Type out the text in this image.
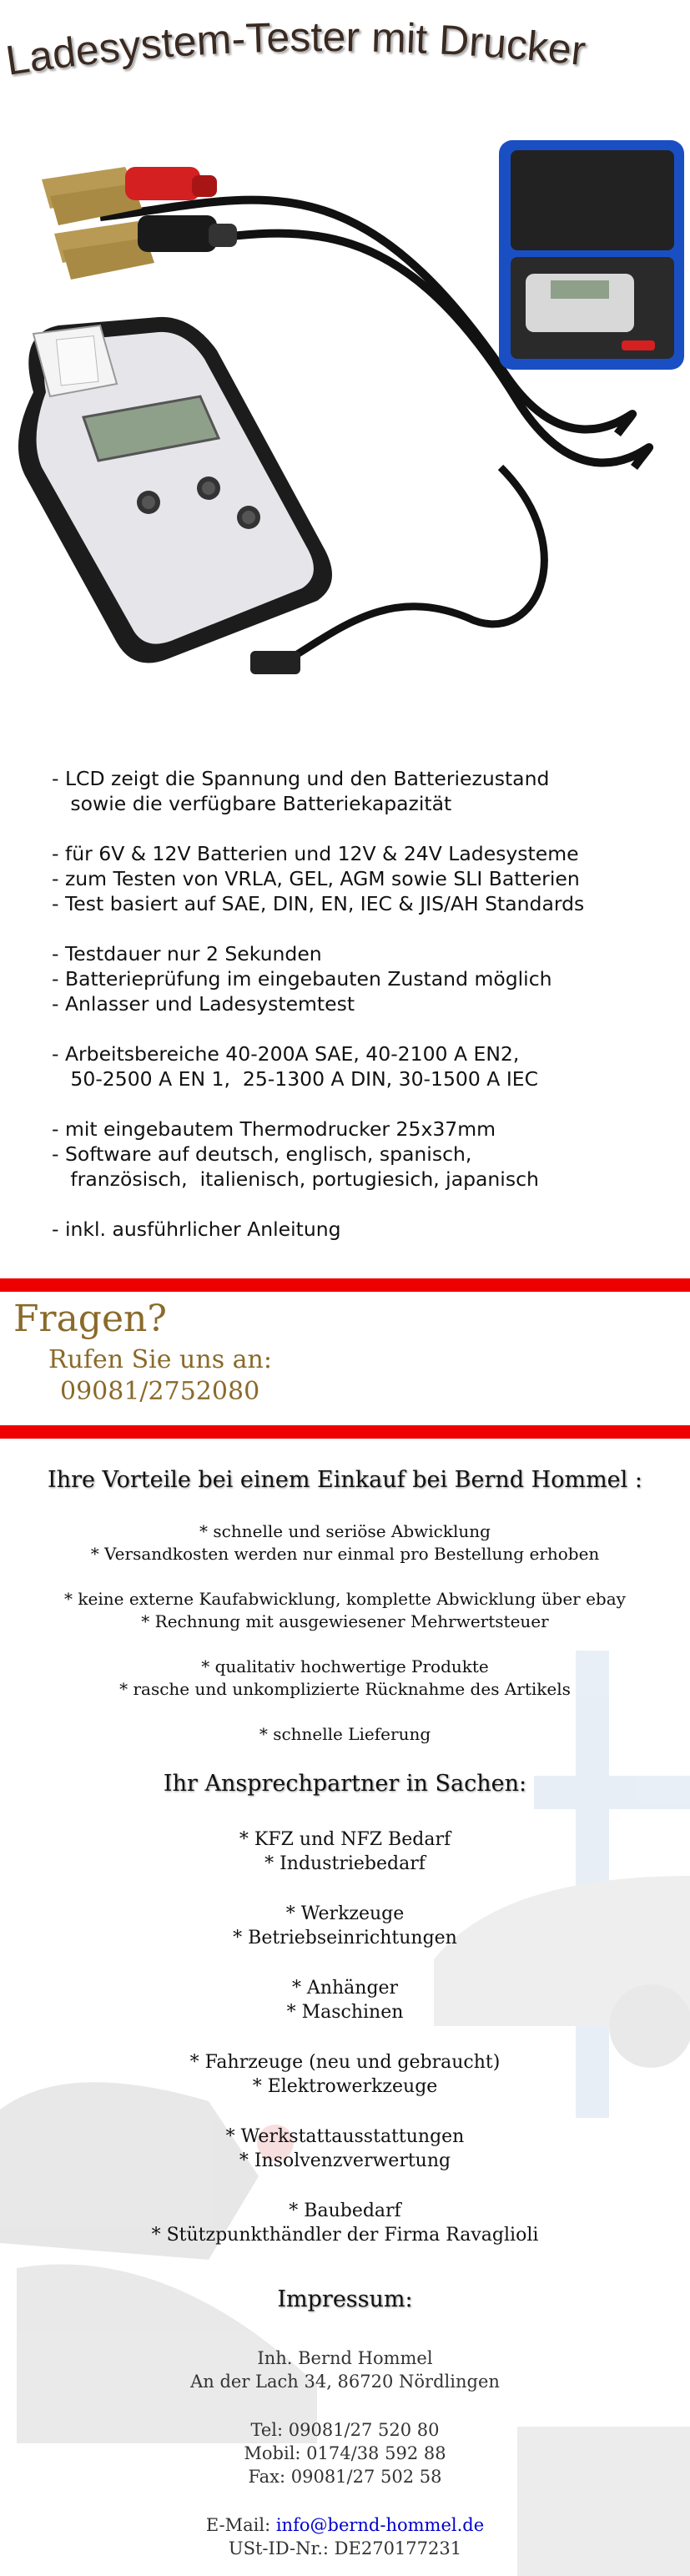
Ladesystem-Tester mit Drucker
- LCD zeigt die Spannung und den Batteriezustand
sowie die verfügbare Batteriekapazität
- für 6V & 12V Batterien und 12V & 24V Ladesysteme
- zum Testen von VRLA, GEL, AGM sowie SLI Batterien
- Test basiert auf SAE, DIN, EN, IEC & JIS/AH Standards
- Testdauer nur 2 Sekunden
- Batterieprüfung im eingebauten Zustand möglich
- Anlasser und Ladesystemtest
- Arbeitsbereiche 40-200A SAE, 40-2100 A EN2,
50-2500 A EN 1,  25-1300 A DIN, 30-1500 A IEC
- mit eingebautem Thermodrucker 25x37mm
- Software auf deutsch, englisch, spanisch,
französisch,  italienisch, portugiesich, japanisch
- inkl. ausführlicher Anleitung
Fragen?
Rufen Sie uns an:
09081/2752080
Ihre Vorteile bei einem Einkauf bei Bernd Hommel :
* schnelle und seriöse Abwicklung
* Versandkosten werden nur einmal pro Bestellung erhoben
* keine externe Kaufabwicklung, komplette Abwicklung über ebay
* Rechnung mit ausgewiesener Mehrwertsteuer
* qualitativ hochwertige Produkte
* rasche und unkomplizierte Rücknahme des Artikels
* schnelle Lieferung
Ihr Ansprechpartner in Sachen:
* KFZ und NFZ Bedarf
* Industriebedarf
* Werkzeuge
* Betriebseinrichtungen
* Anhänger
* Maschinen
* Fahrzeuge (neu und gebraucht)
* Elektrowerkzeuge
* Werkstattausstattungen
* Insolvenzverwertung
* Baubedarf
* Stützpunkthändler der Firma Ravaglioli
Impressum:
Inh. Bernd Hommel
An der Lach 34, 86720 Nördlingen
Tel: 09081/27 520 80
Mobil: 0174/38 592 88
Fax: 09081/27 502 58
E-Mail: info@bernd-hommel.de
USt-ID-Nr.: DE270177231
